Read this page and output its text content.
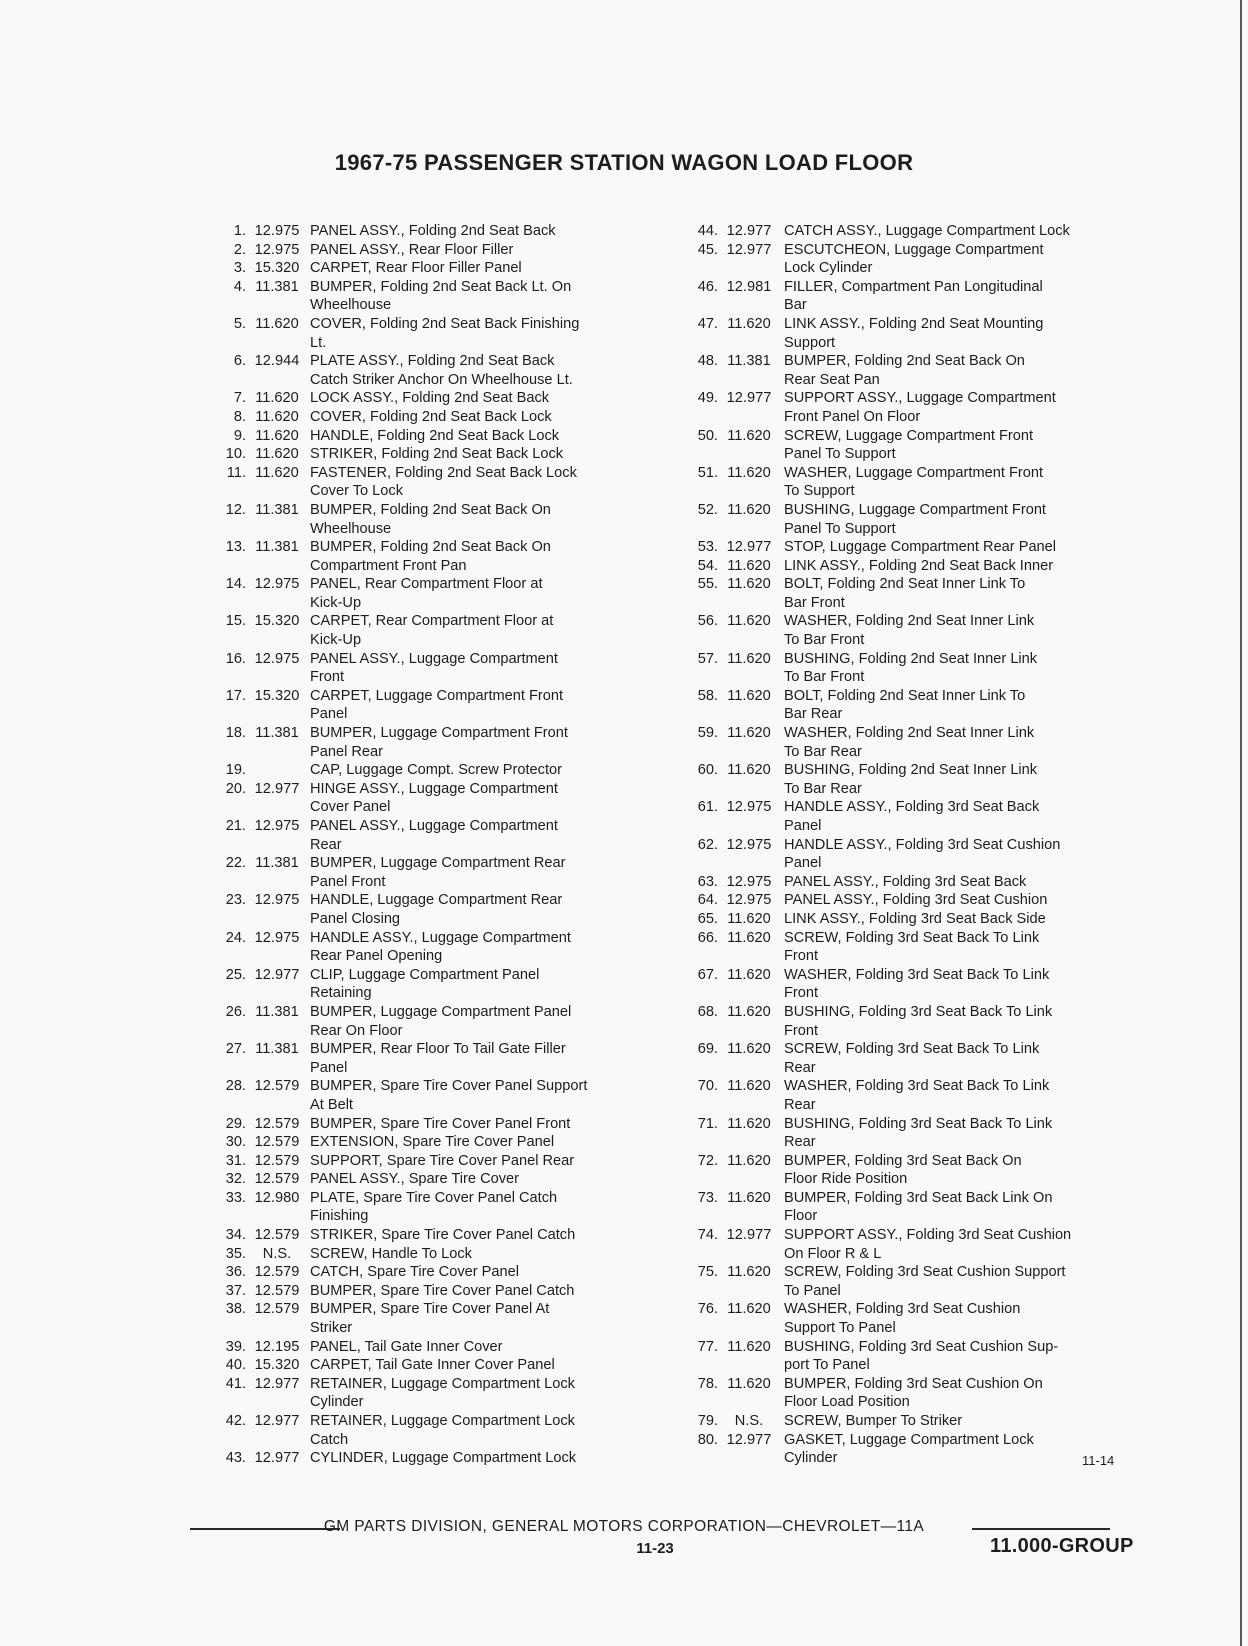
1967-75 PASSENGER STATION WAGON LOAD FLOOR
1. 12.975 PANEL ASSY., Folding 2nd Seat Back
2. 12.975 PANEL ASSY., Rear Floor Filler
3. 15.320 CARPET, Rear Floor Filler Panel
4. 11.381 BUMPER, Folding 2nd Seat Back Lt. On
Wheelhouse
5. 11.620 COVER, Folding 2nd Seat Back Finishing
Lt.
6. 12.944 PLATE ASSY., Folding 2nd Seat Back
Catch Striker Anchor On Wheelhouse Lt.
7. 11.620 LOCK ASSY., Folding 2nd Seat Back
8. 11.620 COVER, Folding 2nd Seat Back Lock
9. 11.620 HANDLE, Folding 2nd Seat Back Lock
10. 11.620 STRIKER, Folding 2nd Seat Back Lock
11. 11.620 FASTENER, Folding 2nd Seat Back Lock
Cover To Lock
12. 11.381 BUMPER, Folding 2nd Seat Back On
Wheelhouse
13. 11.381 BUMPER, Folding 2nd Seat Back On
Compartment Front Pan
14. 12.975 PANEL, Rear Compartment Floor at
Kick-Up
15. 15.320 CARPET, Rear Compartment Floor at
Kick-Up
16. 12.975 PANEL ASSY., Luggage Compartment
Front
17. 15.320 CARPET, Luggage Compartment Front
Panel
18. 11.381 BUMPER, Luggage Compartment Front
Panel Rear
19.	CAP, Luggage Compt. Screw Protector
20. 12.977 HINGE ASSY., Luggage Compartment
Cover Panel
21. 12.975 PANEL ASSY., Luggage Compartment
Rear
22. 11.381 BUMPER, Luggage Compartment Rear
Panel Front
23. 12.975 HANDLE, Luggage Compartment Rear
Panel Closing
24. 12.975 HANDLE ASSY., Luggage Compartment
Rear Panel Opening
25. 12.977 CLIP, Luggage Compartment Panel
Retaining
26. 11.381 BUMPER, Luggage Compartment Panel
Rear On Floor
27. 11.381 BUMPER, Rear Floor To Tail Gate Filler
Panel
28. 12.579 BUMPER, Spare Tire Cover Panel Support
At Belt
29. 12.579 BUMPER, Spare Tire Cover Panel Front
30. 12.579 EXTENSION, Spare Tire Cover Panel
31. 12.579 SUPPORT, Spare Tire Cover Panel Rear
32. 12.579 PANEL ASSY., Spare Tire Cover
33. 12.980 PLATE, Spare Tire Cover Panel Catch
Finishing
34. 12.579 STRIKER, Spare Tire Cover Panel Catch
35.	N.S.	SCREW, Handle To Lock
36. 12.579 CATCH, Spare Tire Cover Panel
37. 12.579 BUMPER, Spare Tire Cover Panel Catch
38. 12.579 BUMPER, Spare Tire Cover Panel At
Striker
39. 12.195 PANEL, Tail Gate Inner Cover
40. 15.320 CARPET, Tail Gate Inner Cover Panel
41. 12.977 RETAINER, Luggage Compartment Lock
Cylinder
42. 12.977 RETAINER, Luggage Compartment Lock
Catch
43. 12.977 CYLINDER, Luggage Compartment Lock
44. 12.977 CATCH ASSY., Luggage Compartment Lock
45. 12.977 ESCUTCHEON, Luggage Compartment
Lock Cylinder
46. 12.981 FILLER, Compartment Pan Longitudinal
Bar
47. 11.620 LINK ASSY., Folding 2nd Seat Mounting
Support
48. 11.381 BUMPER, Folding 2nd Seat Back On
Rear Seat Pan
49. 12.977 SUPPORT ASSY., Luggage Compartment
Front Panel On Floor
50. 11.620 SCREW, Luggage Compartment Front
Panel To Support
51. 11.620 WASHER, Luggage Compartment Front
To Support
52. 11.620 BUSHING, Luggage Compartment Front
Panel To Support
53. 12.977 STOP, Luggage Compartment Rear Panel
54. 11.620 LINK ASSY., Folding 2nd Seat Back Inner
55. 11.620 BOLT, Folding 2nd Seat Inner Link To
Bar Front
56. 11.620 WASHER, Folding 2nd Seat Inner Link
To Bar Front
57. 11.620 BUSHING, Folding 2nd Seat Inner Link
To Bar Front
58. 11.620 BOLT, Folding 2nd Seat Inner Link To
Bar Rear
59. 11.620 WASHER, Folding 2nd Seat Inner Link
To Bar Rear
60. 11.620 BUSHING, Folding 2nd Seat Inner Link
To Bar Rear
61. 12.975 HANDLE ASSY., Folding 3rd Seat Back
Panel
62. 12.975 HANDLE ASSY., Folding 3rd Seat Cushion
Panel
63. 12.975 PANEL ASSY., Folding 3rd Seat Back
64. 12.975 PANEL ASSY., Folding 3rd Seat Cushion
65. 11.620 LINK ASSY., Folding 3rd Seat Back Side
66. 11.620 SCREW, Folding 3rd Seat Back To Link
Front
67. 11.620 WASHER, Folding 3rd Seat Back To Link
Front
68. 11.620 BUSHING, Folding 3rd Seat Back To Link
Front
69. 11.620 SCREW, Folding 3rd Seat Back To Link
Rear
70. 11.620 WASHER, Folding 3rd Seat Back To Link
Rear
71. 11.620 BUSHING, Folding 3rd Seat Back To Link
Rear
72. 11.620 BUMPER, Folding 3rd Seat Back On
Floor Ride Position
73. 11.620 BUMPER, Folding 3rd Seat Back Link On
Floor
74. 12.977 SUPPORT ASSY., Folding 3rd Seat Cushion
On Floor R & L
75. 11.620 SCREW, Folding 3rd Seat Cushion Support
To Panel
76. 11.620 WASHER, Folding 3rd Seat Cushion
Support To Panel
77. 11.620 BUSHING, Folding 3rd Seat Cushion Sup-
port To Panel
78. 11.620 BUMPER, Folding 3rd Seat Cushion On
Floor Load Position
79.	N.S.	SCREW, Bumper To Striker
80. 12.977 GASKET, Luggage Compartment Lock
Cylinder	11-14
GM PARTS DIVISION, GENERAL MOTORS CORPORATION—CHEVROLET—11A
11-23	11.000-GROUP
